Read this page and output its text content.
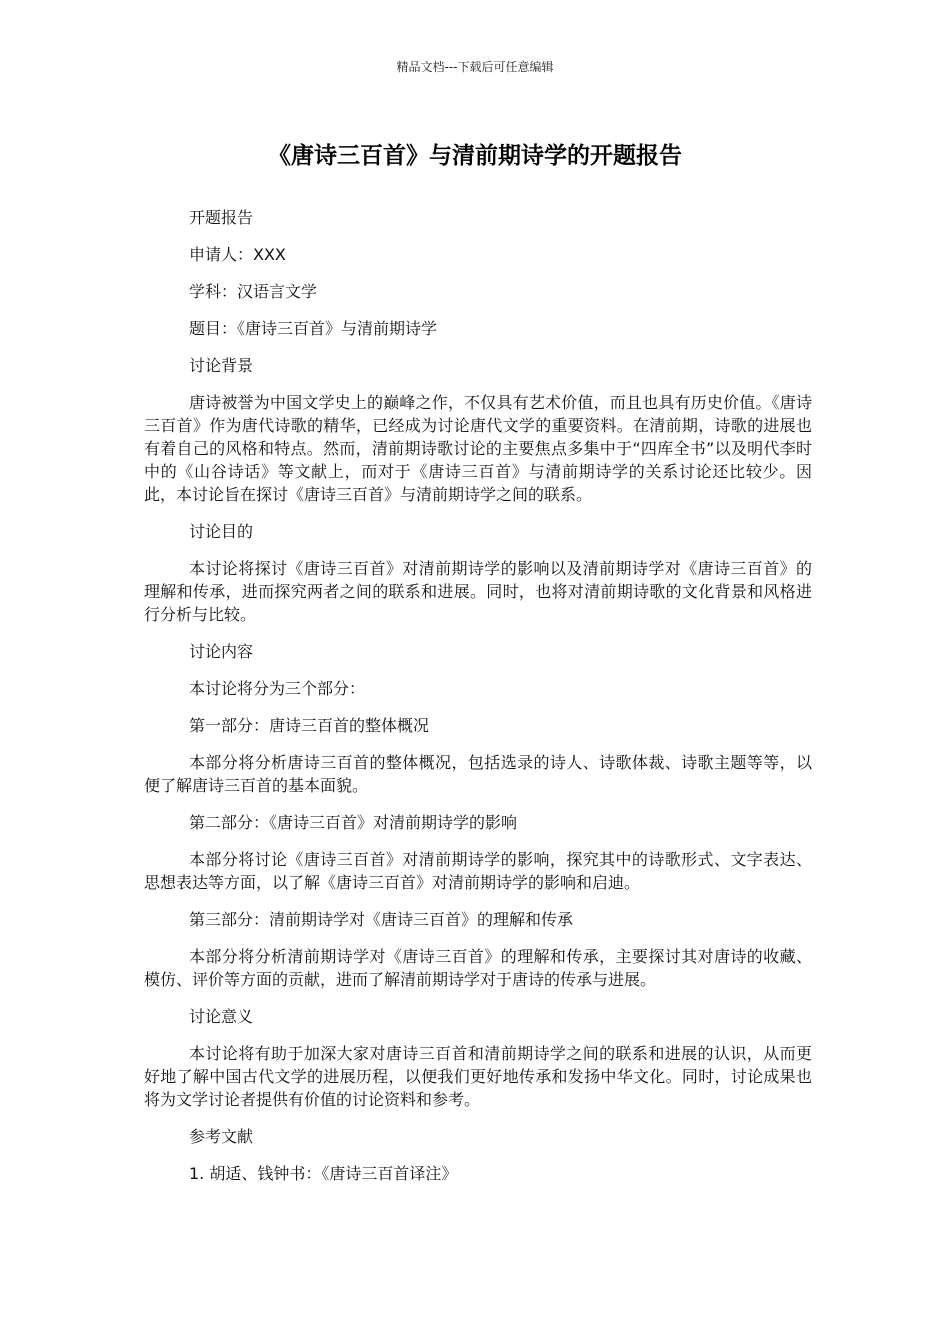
精品文档---下载后可任意编辑
《唐诗三百首》与清前期诗学的开题报告

开题报告

申请人：XXX

学科：汉语言文学

题目：《唐诗三百首》与清前期诗学

讨论背景

唐诗被誉为中国文学史上的巅峰之作，不仅具有艺术价值，而且也具有历史价值。《唐诗三百首》作为唐代诗歌的精华，已经成为讨论唐代文学的重要资料。在清前期，诗歌的进展也有着自己的风格和特点。然而，清前期诗歌讨论的主要焦点多集中于“四库全书”以及明代李时中的《山谷诗话》等文献上，而对于《唐诗三百首》与清前期诗学的关系讨论还比较少。因此，本讨论旨在探讨《唐诗三百首》与清前期诗学之间的联系。

讨论目的

本讨论将探讨《唐诗三百首》对清前期诗学的影响以及清前期诗学对《唐诗三百首》的理解和传承，进而探究两者之间的联系和进展。同时，也将对清前期诗歌的文化背景和风格进行分析与比较。

讨论内容

本讨论将分为三个部分：

第一部分：唐诗三百首的整体概况

本部分将分析唐诗三百首的整体概况，包括选录的诗人、诗歌体裁、诗歌主题等等，以便了解唐诗三百首的基本面貌。

第二部分：《唐诗三百首》对清前期诗学的影响

本部分将讨论《唐诗三百首》对清前期诗学的影响，探究其中的诗歌形式、文字表达、思想表达等方面，以了解《唐诗三百首》对清前期诗学的影响和启迪。

第三部分：清前期诗学对《唐诗三百首》的理解和传承

本部分将分析清前期诗学对《唐诗三百首》的理解和传承，主要探讨其对唐诗的收藏、模仿、评价等方面的贡献，进而了解清前期诗学对于唐诗的传承与进展。

讨论意义

本讨论将有助于加深大家对唐诗三百首和清前期诗学之间的联系和进展的认识，从而更好地了解中国古代文学的进展历程，以便我们更好地传承和发扬中华文化。同时，讨论成果也将为文学讨论者提供有价值的讨论资料和参考。

参考文献

1. 胡适、钱钟书：《唐诗三百首译注》
